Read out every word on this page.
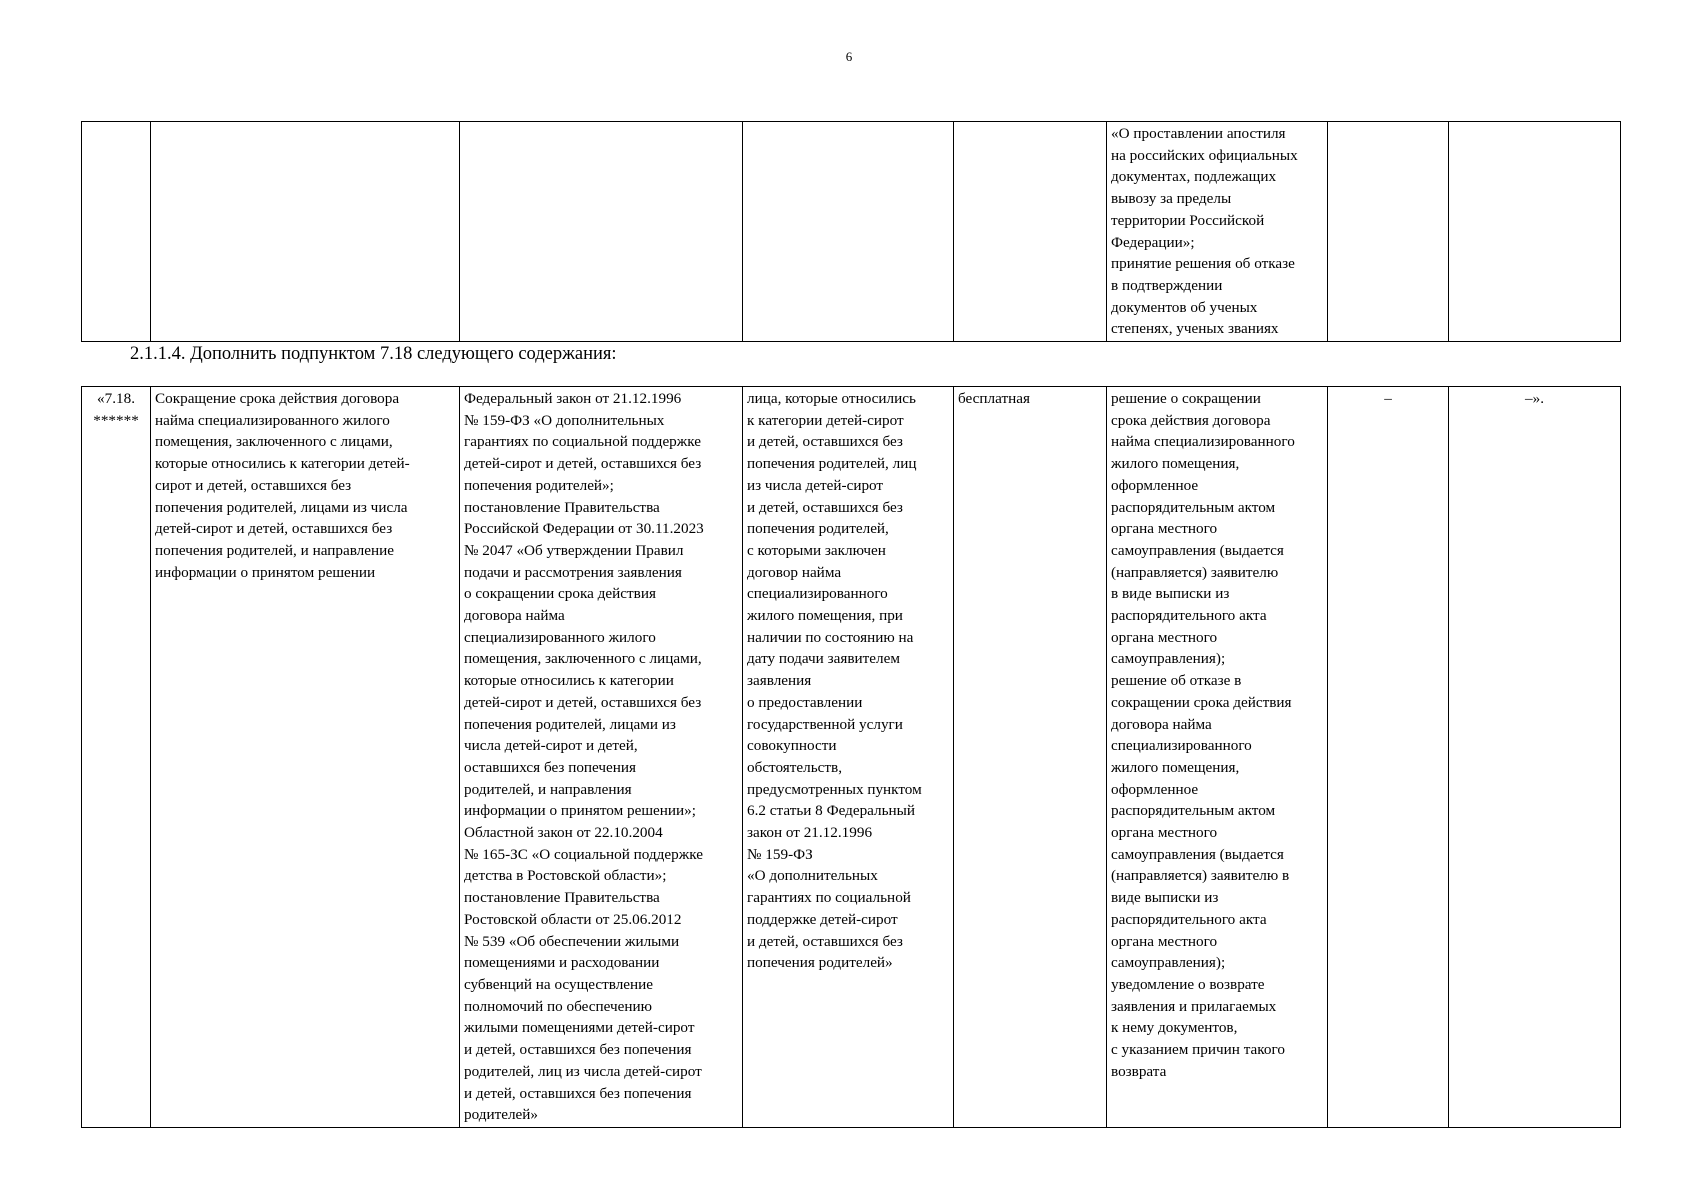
6
					«О проставлении апостиля
на российских официальных
документах, подлежащих
вывозу за пределы
территории Российской
Федерации»;
принятие решения об отказе
в подтверждении
документов об ученых
степенях, ученых званиях		
2.1.1.4. Дополнить подпунктом 7.18 следующего содержания:
«7.18.
******	Сокращение срока действия договора
найма специализированного жилого
помещения, заключенного с лицами,
которые относились к категории детей-
сирот и детей, оставшихся без
попечения родителей, лицами из числа
детей-сирот и детей, оставшихся без
попечения родителей, и направление
информации о принятом решении	Федеральный закон от 21.12.1996
№ 159-ФЗ «О дополнительных
гарантиях по социальной поддержке
детей-сирот и детей, оставшихся без
попечения родителей»;
постановление Правительства
Российской Федерации от 30.11.2023
№ 2047 «Об утверждении Правил
подачи и рассмотрения заявления
о сокращении срока действия
договора найма
специализированного жилого
помещения, заключенного с лицами,
которые относились к категории
детей-сирот и детей, оставшихся без
попечения родителей, лицами из
числа детей-сирот и детей,
оставшихся без попечения
родителей, и направления
информации о принятом решении»;
Областной закон от 22.10.2004
№ 165-ЗС «О социальной поддержке
детства в Ростовской области»;
постановление Правительства
Ростовской области от 25.06.2012
№ 539 «Об обеспечении жилыми
помещениями и расходовании
субвенций на осуществление
полномочий по обеспечению
жилыми помещениями детей-сирот
и детей, оставшихся без попечения
родителей, лиц из числа детей-сирот
и детей, оставшихся без попечения
родителей»	лица, которые относились
к категории детей-сирот
и детей, оставшихся без
попечения родителей, лиц
из числа детей-сирот
и детей, оставшихся без
попечения родителей,
с которыми заключен
договор найма
специализированного
жилого помещения, при
наличии по состоянию на
дату подачи заявителем
заявления
о предоставлении
государственной услуги
совокупности
обстоятельств,
предусмотренных пунктом
6.2 статьи 8 Федеральный
закон от 21.12.1996
№ 159-ФЗ
«О дополнительных
гарантиях по социальной
поддержке детей-сирот
и детей, оставшихся без
попечения родителей»	бесплатная	решение о сокращении
срока действия договора
найма специализированного
жилого помещения,
оформленное
распорядительным актом
органа местного
самоуправления (выдается
(направляется) заявителю
в виде выписки из
распорядительного акта
органа местного
самоуправления);
решение об отказе в
сокращении срока действия
договора найма
специализированного
жилого помещения,
оформленное
распорядительным актом
органа местного
самоуправления (выдается
(направляется) заявителю в
виде выписки из
распорядительного акта
органа местного
самоуправления);
уведомление о возврате
заявления и прилагаемых
к нему документов,
с указанием причин такого
возврата	–	–».
